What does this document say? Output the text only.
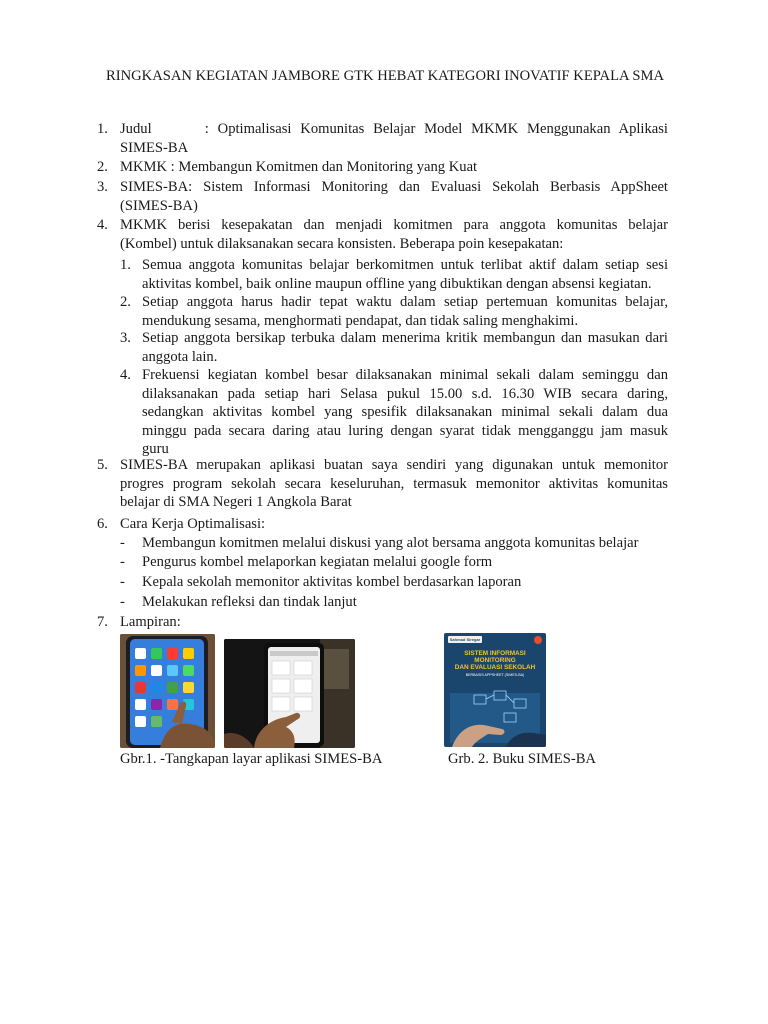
RINGKASAN KEGIATAN JAMBORE GTK HEBAT KATEGORI INOVATIF KEPALA SMA
1. Judul      : Optimalisasi Komunitas Belajar Model MKMK Menggunakan Aplikasi
SIMES-BA
2. MKMK : Membangun Komitmen dan Monitoring yang Kuat
3. SIMES-BA: Sistem Informasi Monitoring dan Evaluasi Sekolah Berbasis AppSheet
(SIMES-BA)
4. MKMK berisi kesepakatan dan menjadi komitmen para anggota komunitas belajar
(Kombel) untuk dilaksanakan secara konsisten. Beberapa poin kesepakatan:
1. Semua anggota komunitas belajar berkomitmen untuk terlibat aktif dalam setiap sesi
aktivitas kombel, baik online maupun offline yang dibuktikan dengan absensi kegiatan.
2. Setiap anggota harus hadir tepat waktu dalam setiap pertemuan komunitas belajar,
mendukung sesama, menghormati pendapat, dan tidak saling menghakimi.
3. Setiap anggota bersikap terbuka dalam menerima kritik membangun dan masukan dari
anggota lain.
4. Frekuensi kegiatan kombel besar dilaksanakan minimal sekali dalam seminggu dan
dilaksanakan pada setiap hari Selasa pukul 15.00 s.d. 16.30 WIB secara daring,
sedangkan aktivitas kombel yang spesifik dilaksanakan minimal sekali dalam dua
minggu pada secara daring atau luring dengan syarat tidak mengganggu jam masuk
guru
5. SIMES-BA merupakan aplikasi buatan saya sendiri yang digunakan untuk memonitor
progres program sekolah secara keseluruhan, termasuk memonitor aktivitas komunitas
belajar di SMA Negeri 1 Angkola Barat
6. Cara Kerja Optimalisasi:
- Membangun komitmen melalui diskusi yang alot bersama anggota komunitas belajar
- Pengurus kombel melaporkan kegiatan melalui google form
- Kepala sekolah memonitor aktivitas kombel berdasarkan laporan
- Melakukan refleksi dan tindak lanjut
7. Lampiran:
Sahmad Siregar
SISTEM INFORMASI
MONITORING
DAN EVALUASI SEKOLAH
BERBASIS APPSHEET (SIMES-BA)
Gbr.1. -Tangkapan layar aplikasi SIMES-BA	Grb. 2. Buku SIMES-BA
